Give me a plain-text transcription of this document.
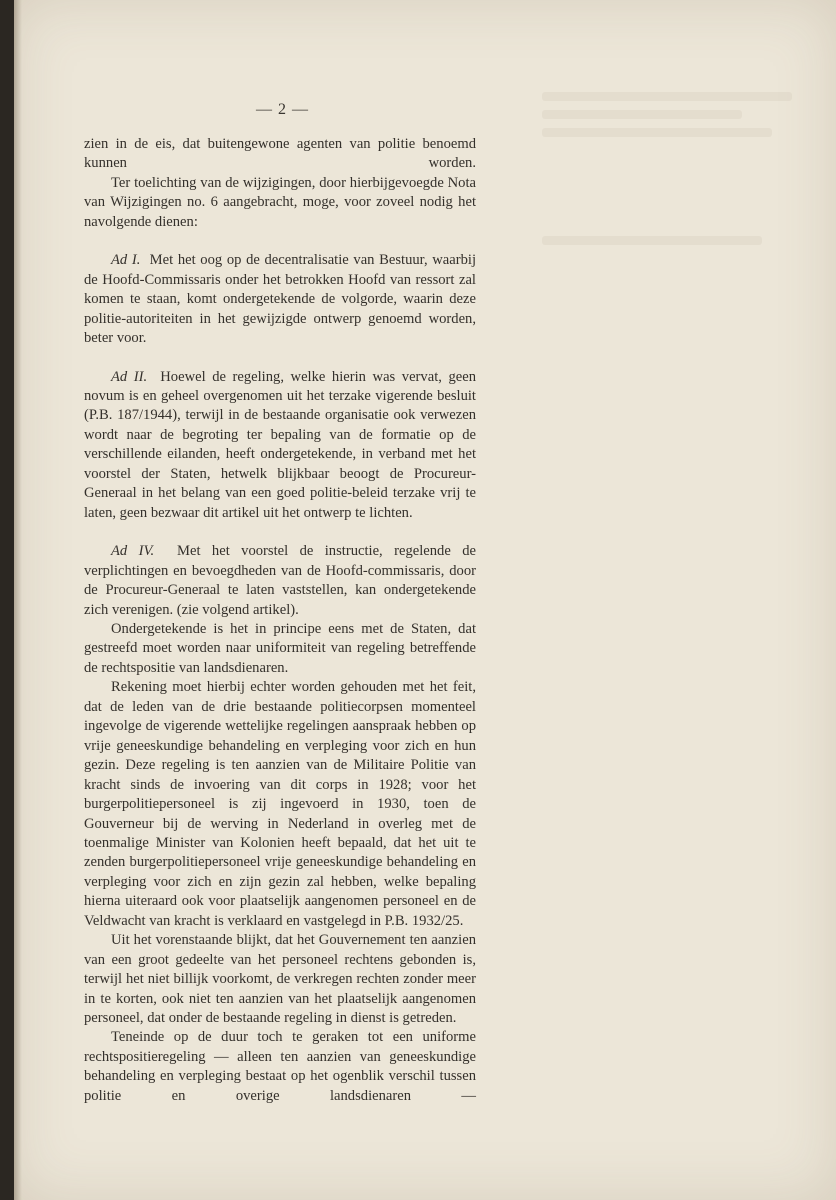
— 2 —

zien in de eis, dat buitengewone agenten van politie benoemd kunnen worden.

Ter toelichting van de wijzigingen, door hierbijgevoegde Nota van Wijzigingen no. 6 aangebracht, moge, voor zoveel nodig het navolgende dienen:

Ad I. Met het oog op de decentralisatie van Bestuur, waarbij de Hoofd-Commissaris onder het betrokken Hoofd van ressort zal komen te staan, komt ondergetekende de volgorde, waarin deze politie-autoriteiten in het gewijzigde ontwerp genoemd worden, beter voor.

Ad II. Hoewel de regeling, welke hierin was vervat, geen novum is en geheel overgenomen uit het terzake vigerende besluit (P.B. 187/1944), terwijl in de bestaande organisatie ook verwezen wordt naar de begroting ter bepaling van de formatie op de verschillende eilanden, heeft ondergetekende, in verband met het voorstel der Staten, hetwelk blijkbaar beoogt de Procureur-Generaal in het belang van een goed politie-beleid terzake vrij te laten, geen bezwaar dit artikel uit het ontwerp te lichten.

Ad IV. Met het voorstel de instructie, regelende de verplichtingen en bevoegdheden van de Hoofd-commissaris, door de Procureur-Generaal te laten vaststellen, kan ondergetekende zich verenigen. (zie volgend artikel).

Ondergetekende is het in principe eens met de Staten, dat gestreefd moet worden naar uniformiteit van regeling betreffende de rechtspositie van landsdienaren.

Rekening moet hierbij echter worden gehouden met het feit, dat de leden van de drie bestaande politiecorpsen momenteel ingevolge de vigerende wettelijke regelingen aanspraak hebben op vrije geneeskundige behandeling en verpleging voor zich en hun gezin. Deze regeling is ten aanzien van de Militaire Politie van kracht sinds de invoering van dit corps in 1928; voor het burgerpolitiepersoneel is zij ingevoerd in 1930, toen de Gouverneur bij de werving in Nederland in overleg met de toenmalige Minister van Kolonien heeft bepaald, dat het uit te zenden burgerpolitiepersoneel vrije geneeskundige behandeling en verpleging voor zich en zijn gezin zal hebben, welke bepaling hierna uiteraard ook voor plaatselijk aangenomen personeel en de Veldwacht van kracht is verklaard en vastgelegd in P.B. 1932/25.

Uit het vorenstaande blijkt, dat het Gouvernement ten aanzien van een groot gedeelte van het personeel rechtens gebonden is, terwijl het niet billijk voorkomt, de verkregen rechten zonder meer in te korten, ook niet ten aanzien van het plaatselijk aangenomen personeel, dat onder de bestaande regeling in dienst is getreden.

Teneinde op de duur toch te geraken tot een uniforme rechtspositieregeling — alleen ten aanzien van geneeskundige behandeling en verpleging bestaat op het ogenblik verschil tussen politie en overige landsdienaren —
